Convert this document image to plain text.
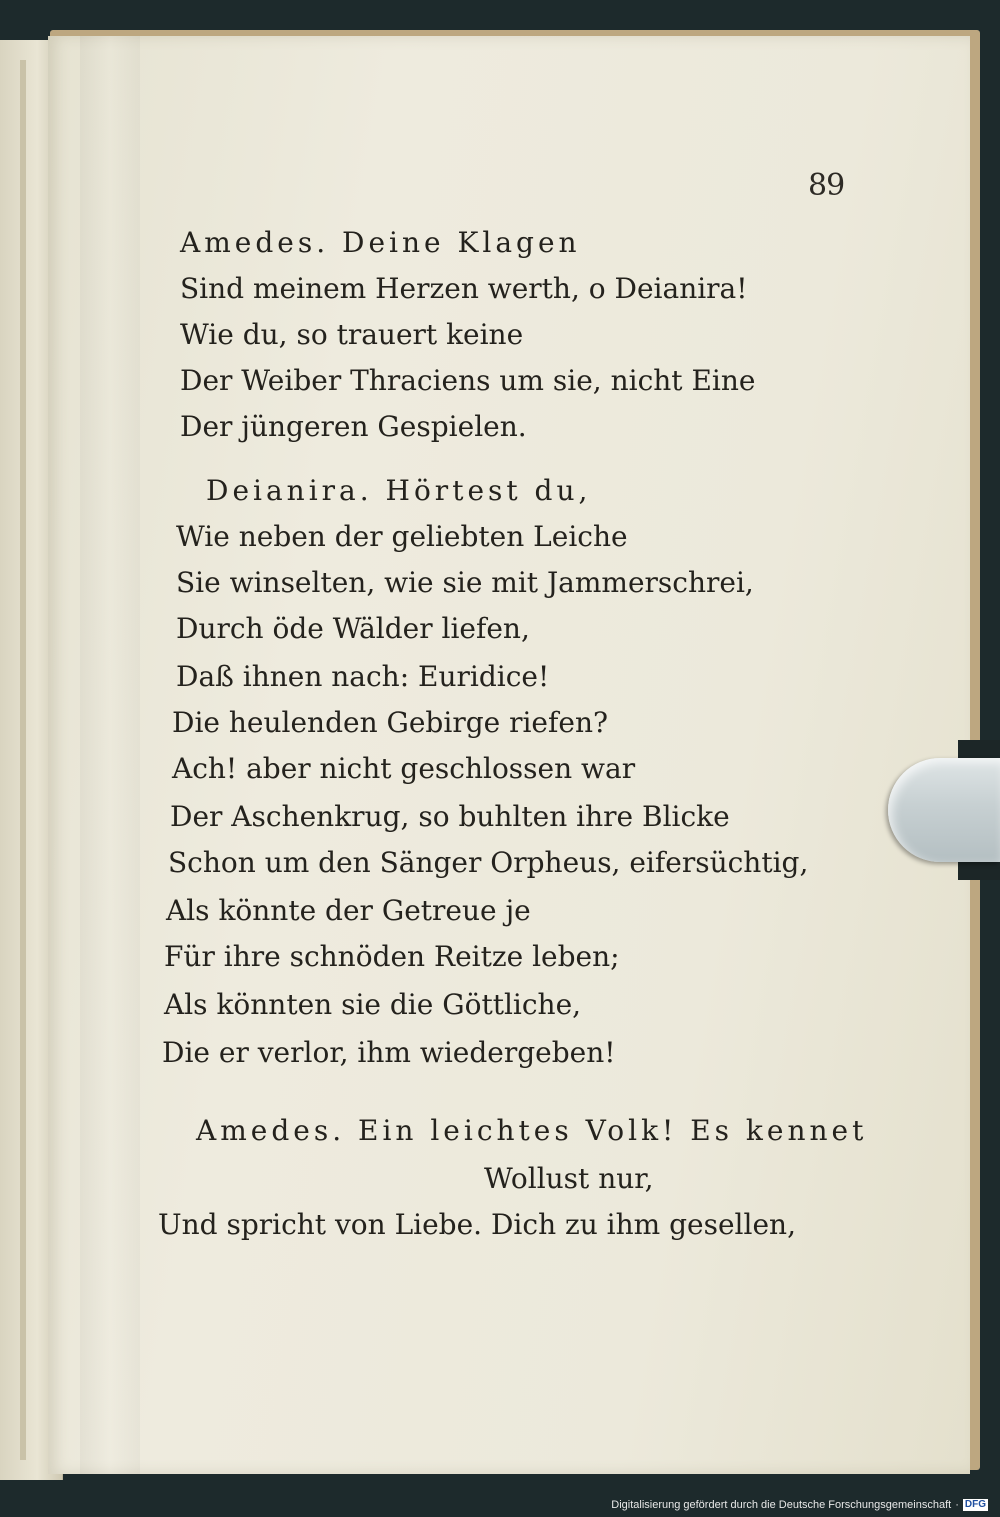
89
Amedes. Deine Klagen
Sind meinem Herzen werth, o Deianira!
Wie du, so trauert keine
Der Weiber Thraciens um sie, nicht Eine
Der jüngeren Gespielen.
Deianira. Hörtest du,
Wie neben der geliebten Leiche
Sie winselten, wie sie mit Jammerschrei,
Durch öde Wälder liefen,
Daß ihnen nach: Euridice!
Die heulenden Gebirge riefen?
Ach! aber nicht geschlossen war
Der Aschenkrug, so buhlten ihre Blicke
Schon um den Sänger Orpheus, eifersüchtig,
Als könnte der Getreue je
Für ihre schnöden Reitze leben;
Als könnten sie die Göttliche,
Die er verlor, ihm wiedergeben!
Amedes. Ein leichtes Volk! Es kennet
Wollust nur,
Und spricht von Liebe. Dich zu ihm gesellen,
Digitalisierung gefördert durch die Deutsche Forschungsgemeinschaft · DFG
